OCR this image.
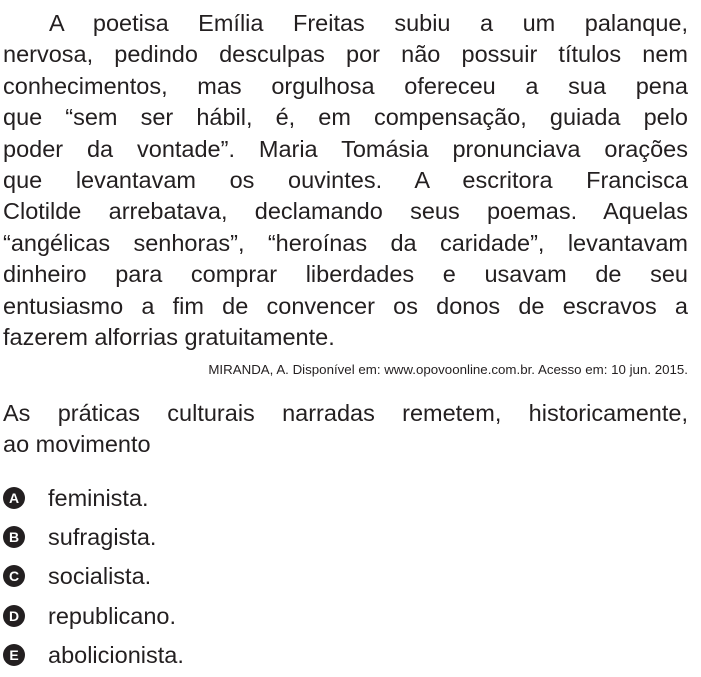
A poetisa Emília Freitas subiu a um palanque,
nervosa, pedindo desculpas por não possuir títulos nem
conhecimentos, mas orgulhosa ofereceu a sua pena
que “sem ser hábil, é, em compensação, guiada pelo
poder da vontade”. Maria Tomásia pronunciava orações
que levantavam os ouvintes. A escritora Francisca
Clotilde arrebatava, declamando seus poemas. Aquelas
“angélicas senhoras”, “heroínas da caridade”, levantavam
dinheiro para comprar liberdades e usavam de seu
entusiasmo a fim de convencer os donos de escravos a
fazerem alforrias gratuitamente.
MIRANDA, A. Disponível em: www.opovoonline.com.br. Acesso em: 10 jun. 2015.
As práticas culturais narradas remetem, historicamente,
ao movimento
A feminista.
B sufragista.
C socialista.
D republicano.
E abolicionista.
